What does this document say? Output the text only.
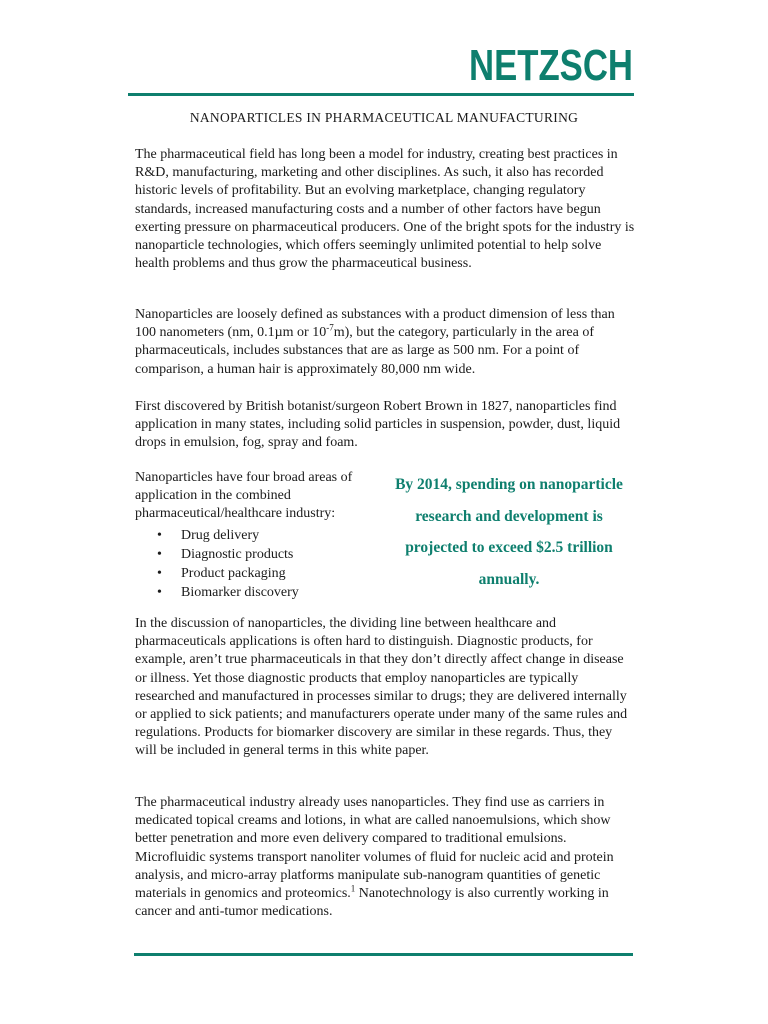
NETZSCH
NANOPARTICLES IN PHARMACEUTICAL MANUFACTURING

The pharmaceutical field has long been a model for industry, creating best practices in R&D, manufacturing, marketing and other disciplines. As such, it also has recorded historic levels of profitability. But an evolving marketplace, changing regulatory standards, increased manufacturing costs and a number of other factors have begun exerting pressure on pharmaceutical producers. One of the bright spots for the industry is nanoparticle technologies, which offers seemingly unlimited potential to help solve health problems and thus grow the pharmaceutical business.

Nanoparticles are loosely defined as substances with a product dimension of less than 100 nanometers (nm, 0.1µm or $10^{-7}m$), but the category, particularly in the area of pharmaceuticals, includes substances that are as large as 500 nm. For a point of comparison, a human hair is approximately 80,000 nm wide.

First discovered by British botanist/surgeon Robert Brown in 1827, nanoparticles find application in many states, including solid particles in suspension, powder, dust, liquid drops in emulsion, fog, spray and foam.

Nanoparticles have four broad areas of application in the combined pharmaceutical/healthcare industry:

• Drug delivery
• Diagnostic products
• Product packaging
• Biomarker discovery
By 2014, spending on nanoparticle research and development is projected to exceed $2.5 trillion annually.

In the discussion of nanoparticles, the dividing line between healthcare and pharmaceuticals applications is often hard to distinguish. Diagnostic products, for example, aren’t true pharmaceuticals in that they don’t directly affect change in disease or illness. Yet those diagnostic products that employ nanoparticles are typically researched and manufactured in processes similar to drugs; they are delivered internally or applied to sick patients; and manufacturers operate under many of the same rules and regulations. Products for biomarker discovery are similar in these regards. Thus, they will be included in general terms in this white paper.

The pharmaceutical industry already uses nanoparticles. They find use as carriers in medicated topical creams and lotions, in what are called nanoemulsions, which show better penetration and more even delivery compared to traditional emulsions. Microfluidic systems transport nanoliter volumes of fluid for nucleic acid and protein analysis, and micro-array platforms manipulate sub-nanogram quantities of genetic materials in genomics and proteomics.$^1$ Nanotechnology is also currently working in cancer and anti-tumor medications.
